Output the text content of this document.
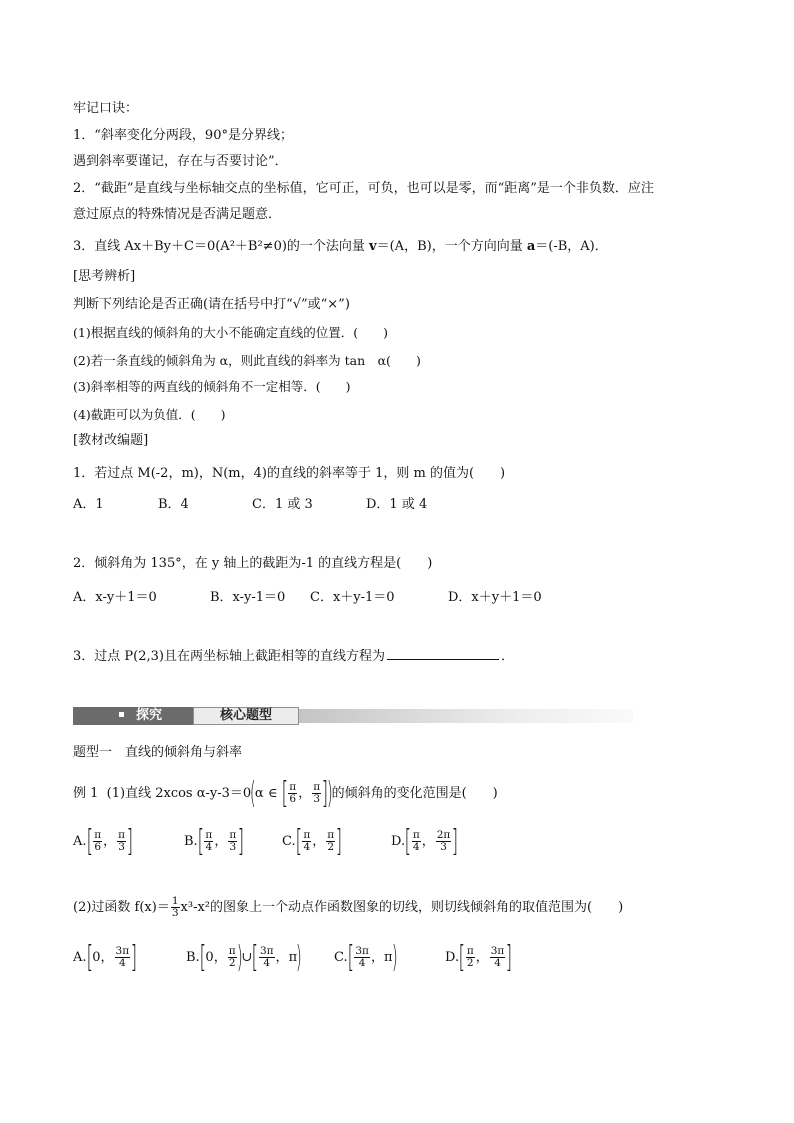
牢记口诀：
1．“斜率变化分两段，90°是分界线；
遇到斜率要谨记，存在与否要讨论”．
2．“截距”是直线与坐标轴交点的坐标值，它可正，可负，也可以是零，而“距离”是一个非负数．应注
意过原点的特殊情况是否满足题意．
3．直线 Ax＋By＋C＝0(A²＋B²≠0)的一个法向量 v＝(A，B)，一个方向向量 a＝(-B，A)．
[思考辨析]
判断下列结论是否正确(请在括号中打“√”或“×”)
(1)根据直线的倾斜角的大小不能确定直线的位置．(　　)
(2)若一条直线的倾斜角为 α，则此直线的斜率为 tan　α(　　)
(3)斜率相等的两直线的倾斜角不一定相等．(　　)
(4)截距可以为负值．(　　)
[教材改编题]
1．若过点 M(-2，m)，N(m，4)的直线的斜率等于 1，则 m 的值为(　　)
A．1	B．4	C．1 或 3	D．1 或 4
2．倾斜角为 135°，在 y 轴上的截距为-1 的直线方程是(　　)
A．x-y＋1＝0	B．x-y-1＝0 C．x＋y-1＝0	D．x＋y＋1＝0
3．过点 P(2,3)且在两坐标轴上截距相等的直线方程为	．
探究	核心题型
题型一　直线的倾斜角与斜率
例 1 (1)直线 2xcos α-y-3＝0(α ∈ [ $\frac{\pi}{6}$ ， $\frac{\pi}{3}$ ])的倾斜角的变化范围是(　　)
$A.[ \frac{\pi}{6}$ ， $\frac{\pi}{3}$ ]	$B.[ \frac{\pi}{4}$ ， $\frac{\pi}{3}$ ]	$C.[ \frac{\pi}{4}$ ， $\frac{\pi}{2}$ ]	$D.[ \frac{\pi}{4}$ ， $\frac{2\pi}{3}$ ]
(2)过函数 $f(x)= \frac{1}{3} x^3-x^2$的图象上一个动点作函数图象的切线，则切线倾斜角的取值范围为(　　)
A.[0， $\frac{3\pi}{4}$ ]	B.[0， $\frac{\pi}{2}$ )∪[ $\frac{3\pi}{4}$ ，π) $C.[ \frac{3\pi}{4}$ ，π)	$D.[ \frac{\pi}{2}$ ， $\frac{3\pi}{4}$ ]
